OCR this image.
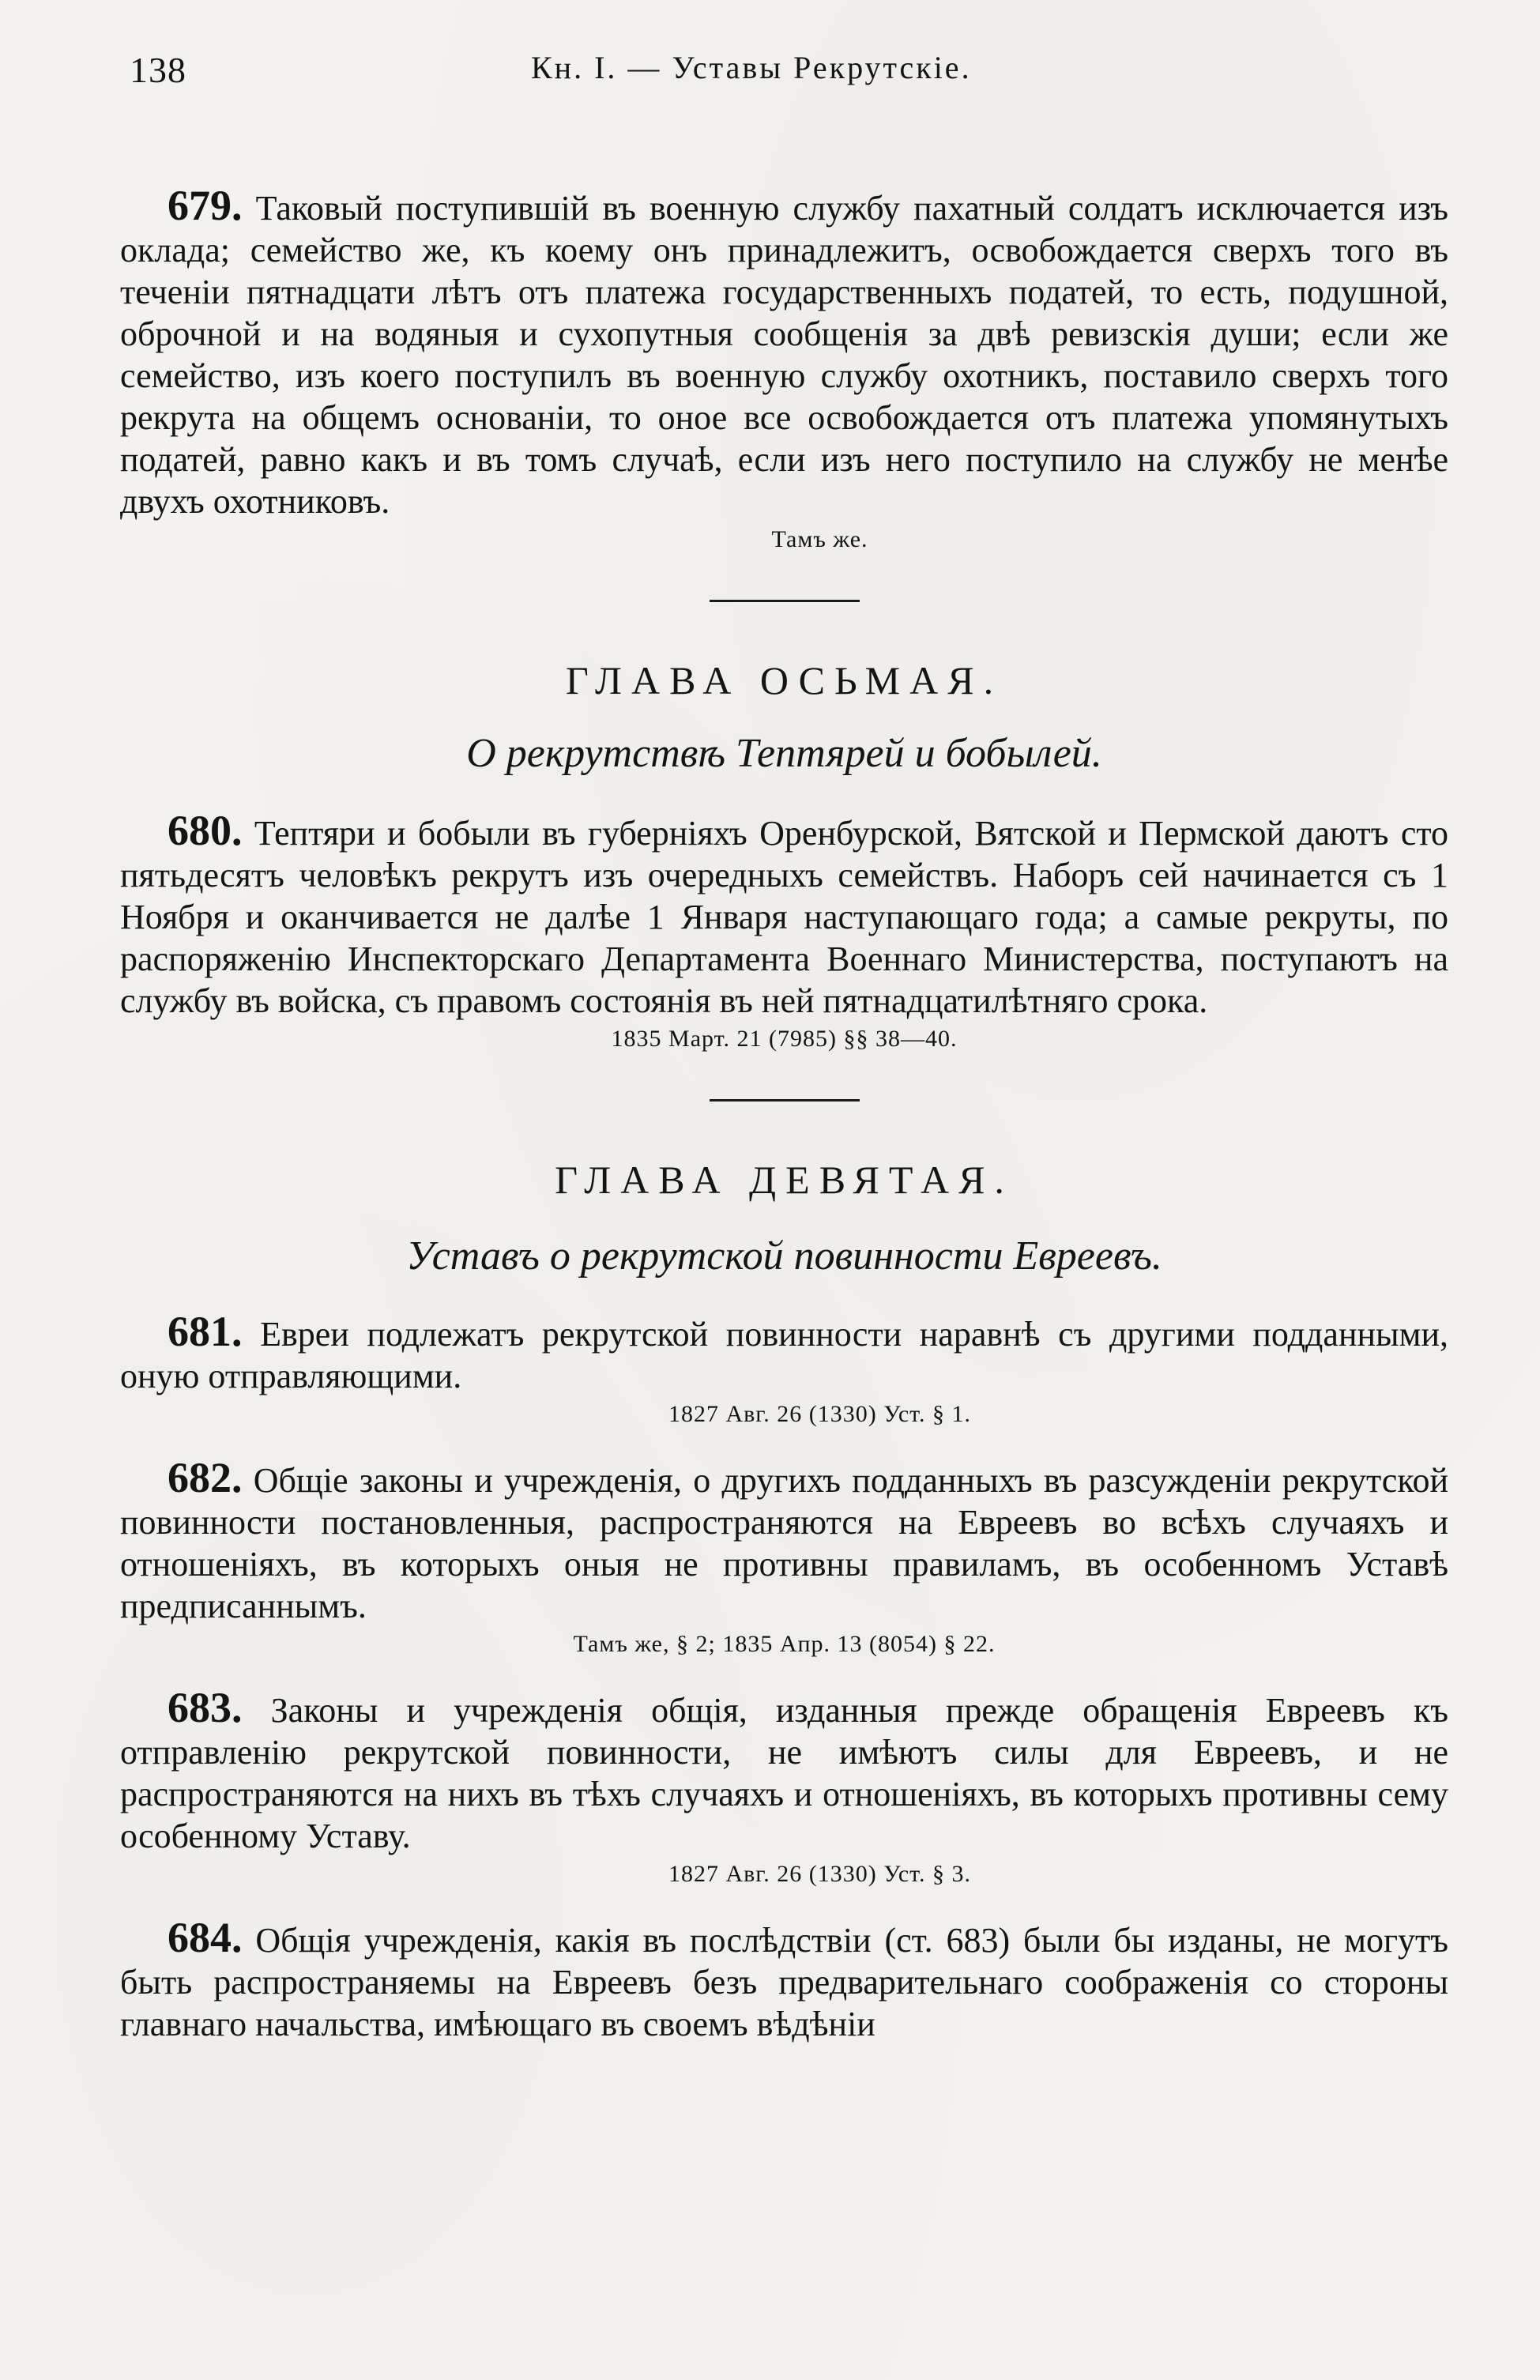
138	Кн. I. — Уставы Рекрутскіе.

679. Таковый поступившій въ военную службу пахатный солдатъ исключается изъ оклада; семейство же, къ коему онъ принадлежитъ, освобождается сверхъ того въ теченіи пятнадцати лѣтъ отъ платежа государственныхъ податей, то есть, подушной, оброчной и на водяныя и сухопутныя сообщенія за двѣ ревизскія души; если же семейство, изъ коего поступилъ въ военную службу охотникъ, поставило сверхъ того рекрута на общемъ основаніи, то оное все освобождается отъ платежа упомянутыхъ податей, равно какъ и въ томъ случаѣ, если изъ него поступило на службу не менѣе двухъ охотниковъ.

Тамъ же.

ГЛАВА ОСЬМАЯ.

О рекрутствѣ Тептярей и бобылей.

680. Тептяри и бобыли въ губерніяхъ Оренбурской, Вятской и Пермской даютъ сто пятьдесятъ человѣкъ рекрутъ изъ очередныхъ семействъ. Наборъ сей начинается съ 1 Ноября и оканчивается не далѣе 1 Января наступающаго года; а самые рекруты, по распоряженію Инспекторскаго Департамента Военнаго Министерства, поступаютъ на службу въ войска, съ правомъ состоянія въ ней пятнадцатилѣтняго срока.

1835 Март. 21 (7985) §§ 38—40.

ГЛАВА ДЕВЯТАЯ.

Уставъ о рекрутской повинности Евреевъ.

681. Евреи подлежатъ рекрутской повинности наравнѣ съ другими подданными, оную отправляющими.

1827 Авг. 26 (1330) Уст. § 1.

682. Общіе законы и учрежденія, о другихъ подданныхъ въ разсужденіи рекрутской повинности постановленныя, распространяются на Евреевъ во всѣхъ случаяхъ и отношеніяхъ, въ которыхъ оныя не противны правиламъ, въ особенномъ Уставѣ предписаннымъ.

Тамъ же, § 2; 1835 Апр. 13 (8054) § 22.

683. Законы и учрежденія общія, изданныя прежде обращенія Евреевъ къ отправленію рекрутской повинности, не имѣютъ силы для Евреевъ, и не распространяются на нихъ въ тѣхъ случаяхъ и отношеніяхъ, въ которыхъ противны сему особенному Уставу.

1827 Авг. 26 (1330) Уст. § 3.

684. Общія учрежденія, какія въ послѣдствіи (ст. 683) были бы изданы, не могутъ быть распространяемы на Евреевъ безъ предварительнаго соображенія со стороны главнаго начальства, имѣющаго въ своемъ вѣдѣніи
